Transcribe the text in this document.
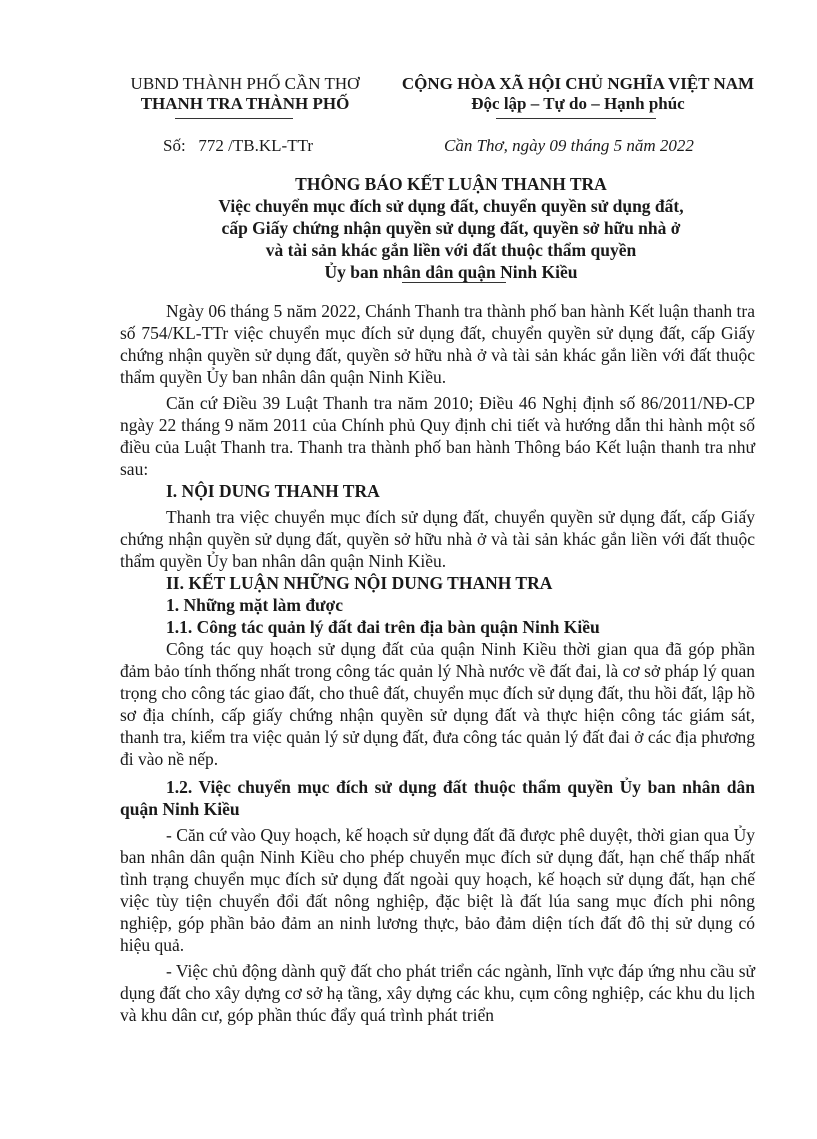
UBND THÀNH PHỐ CẦN THƠ
THANH TRA THÀNH PHỐ
CỘNG HÒA XÃ HỘI CHỦ NGHĨA VIỆT NAM
Độc lập – Tự do – Hạnh phúc
Số:   772 /TB.KL-TTr	Cần Thơ, ngày 09 tháng 5 năm 2022
THÔNG BÁO KẾT LUẬN THANH TRA
Việc chuyển mục đích sử dụng đất, chuyển quyền sử dụng đất,
cấp Giấy chứng nhận quyền sử dụng đất, quyền sở hữu nhà ở
và tài sản khác gắn liền với đất thuộc thẩm quyền
Ủy ban nhân dân quận Ninh Kiều

Ngày 06 tháng 5 năm 2022, Chánh Thanh tra thành phố ban hành Kết luận thanh tra số 754/KL-TTr việc chuyển mục đích sử dụng đất, chuyển quyền sử dụng đất, cấp Giấy chứng nhận quyền sử dụng đất, quyền sở hữu nhà ở và tài sản khác gắn liền với đất thuộc thẩm quyền Ủy ban nhân dân quận Ninh Kiều.

Căn cứ Điều 39 Luật Thanh tra năm 2010; Điều 46 Nghị định số 86/2011/NĐ-CP ngày 22 tháng 9 năm 2011 của Chính phủ Quy định chi tiết và hướng dẫn thi hành một số điều của Luật Thanh tra. Thanh tra thành phố ban hành Thông báo Kết luận thanh tra như sau:

I. NỘI DUNG THANH TRA

Thanh tra việc chuyển mục đích sử dụng đất, chuyển quyền sử dụng đất, cấp Giấy chứng nhận quyền sử dụng đất, quyền sở hữu nhà ở và tài sản khác gắn liền với đất thuộc thẩm quyền Ủy ban nhân dân quận Ninh Kiều.

II. KẾT LUẬN NHỮNG NỘI DUNG THANH TRA
1. Những mặt làm được
1.1. Công tác quản lý đất đai trên địa bàn quận Ninh Kiều

Công tác quy hoạch sử dụng đất của quận Ninh Kiều thời gian qua đã góp phần đảm bảo tính thống nhất trong công tác quản lý Nhà nước về đất đai, là cơ sở pháp lý quan trọng cho công tác giao đất, cho thuê đất, chuyển mục đích sử dụng đất, thu hồi đất, lập hồ sơ địa chính, cấp giấy chứng nhận quyền sử dụng đất và thực hiện công tác giám sát, thanh tra, kiểm tra việc quản lý sử dụng đất, đưa công tác quản lý đất đai ở các địa phương đi vào nề nếp.

1.2. Việc chuyển mục đích sử dụng đất thuộc thẩm quyền Ủy ban nhân dân quận Ninh Kiều

- Căn cứ vào Quy hoạch, kế hoạch sử dụng đất đã được phê duyệt, thời gian qua Ủy ban nhân dân quận Ninh Kiều cho phép chuyển mục đích sử dụng đất, hạn chế thấp nhất tình trạng chuyển mục đích sử dụng đất ngoài quy hoạch, kế hoạch sử dụng đất, hạn chế việc tùy tiện chuyển đổi đất nông nghiệp, đặc biệt là đất lúa sang mục đích phi nông nghiệp, góp phần bảo đảm an ninh lương thực, bảo đảm diện tích đất đô thị sử dụng có hiệu quả.

- Việc chủ động dành quỹ đất cho phát triển các ngành, lĩnh vực đáp ứng nhu cầu sử dụng đất cho xây dựng cơ sở hạ tầng, xây dựng các khu, cụm công nghiệp, các khu du lịch và khu dân cư, góp phần thúc đẩy quá trình phát triển
